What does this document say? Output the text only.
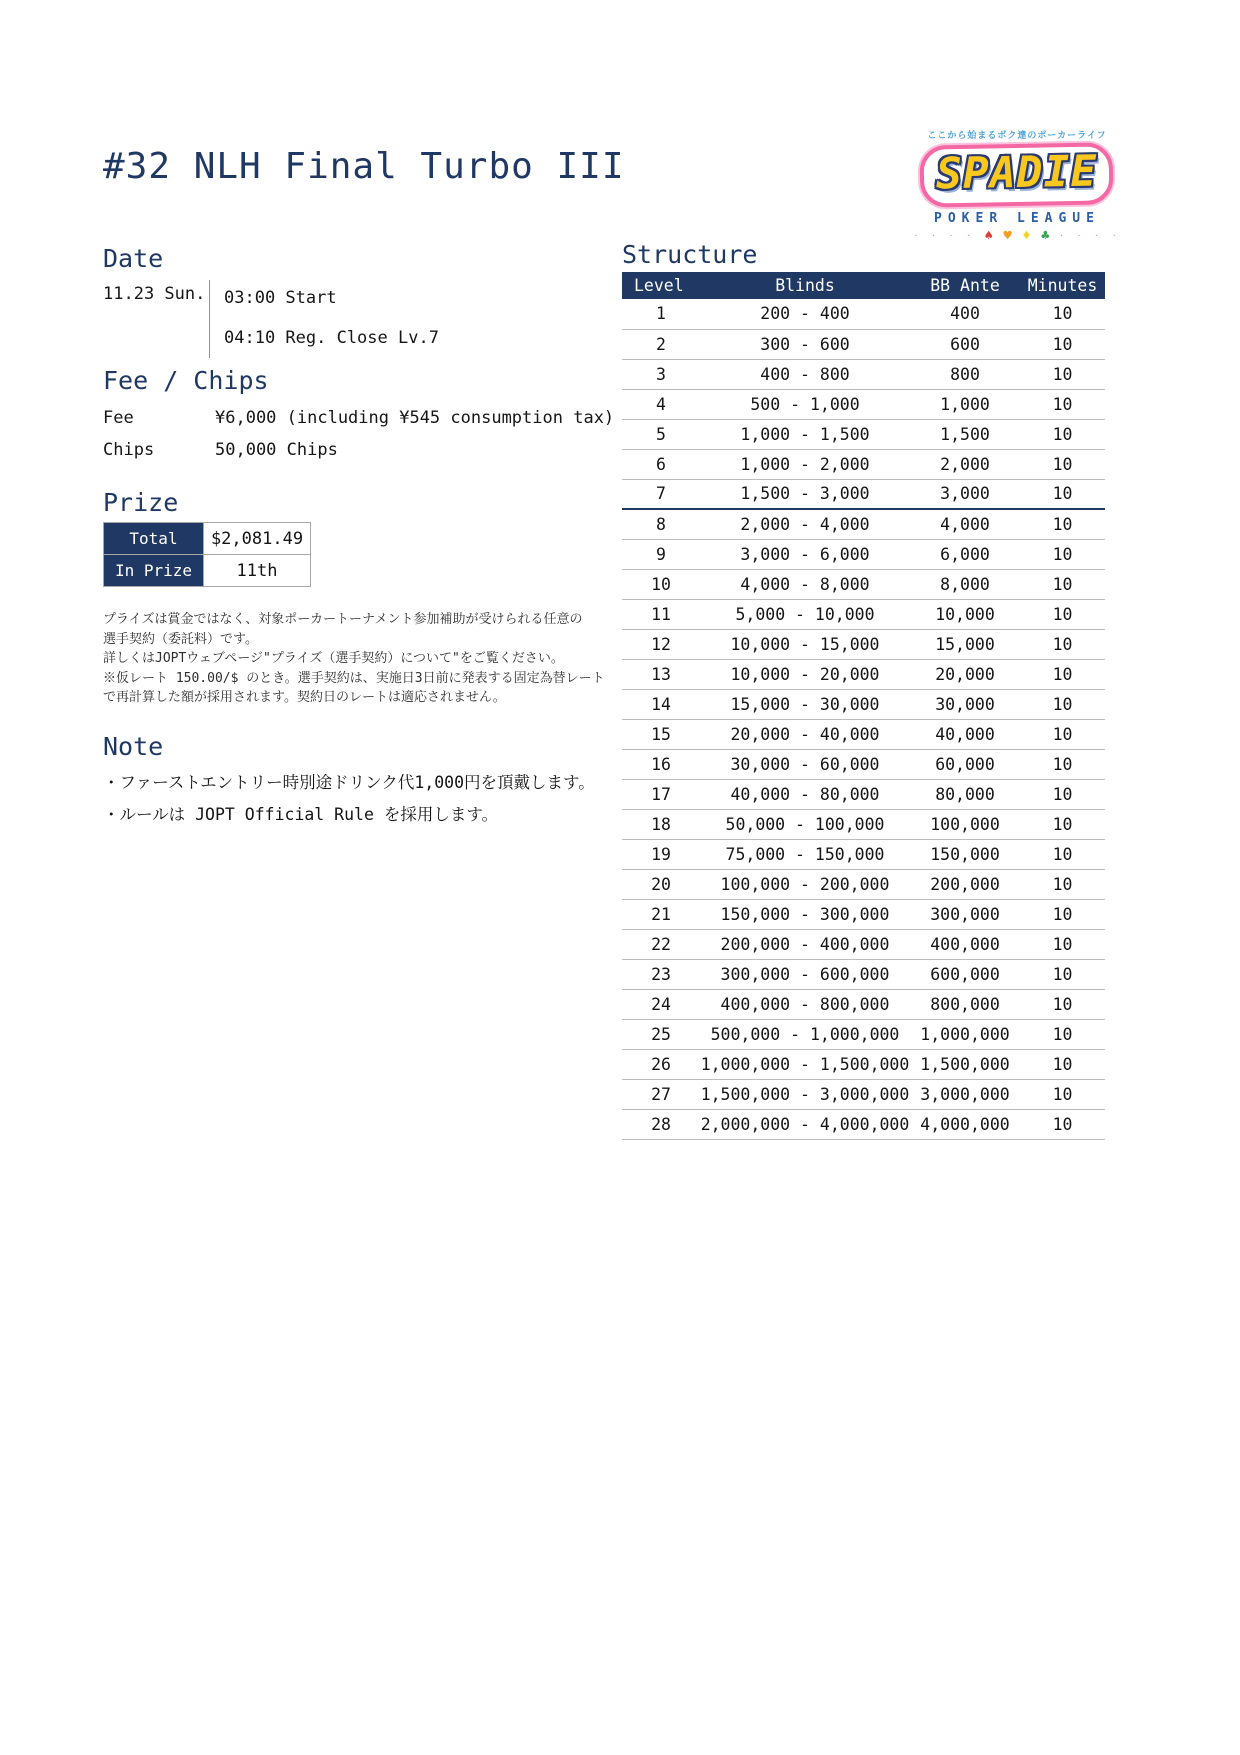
#32 NLH Final Turbo III
ここから始まるボク達のポーカーライフ
SPADIE
POKER LEAGUE
· · · · ♠ ♥ ♦ ♣ · · · ·
Date
11.23 Sun. 03:00 Start
04:10 Reg. Close Lv.7
Fee / Chips
Fee	¥6,000 (including ¥545 consumption tax)
Chips	50,000 Chips
Prize
Total	$2,081.49
In Prize	11th
プライズは賞金ではなく、対象ポーカートーナメント参加補助が受けられる任意の
選手契約（委託料）です。
詳しくはJOPTウェブページ"プライズ（選手契約）について"をご覧ください。
※仮レート 150.00/$ のとき。選手契約は、実施日3日前に発表する固定為替レート
で再計算した額が採用されます。契約日のレートは適応されません。
Note
・ファーストエントリー時別途ドリンク代1,000円を頂戴します。
・ルールは JOPT Official Rule を採用します。
Structure
Level	Blinds	BB Ante	Minutes
1	200 - 400	400	10
2	300 - 600	600	10
3	400 - 800	800	10
4	500 - 1,000	1,000	10
5	1,000 - 1,500	1,500	10
6	1,000 - 2,000	2,000	10
7	1,500 - 3,000	3,000	10
8	2,000 - 4,000	4,000	10
9	3,000 - 6,000	6,000	10
10	4,000 - 8,000	8,000	10
11	5,000 - 10,000	10,000	10
12	10,000 - 15,000	15,000	10
13	10,000 - 20,000	20,000	10
14	15,000 - 30,000	30,000	10
15	20,000 - 40,000	40,000	10
16	30,000 - 60,000	60,000	10
17	40,000 - 80,000	80,000	10
18	50,000 - 100,000	100,000	10
19	75,000 - 150,000	150,000	10
20	100,000 - 200,000	200,000	10
21	150,000 - 300,000	300,000	10
22	200,000 - 400,000	400,000	10
23	300,000 - 600,000	600,000	10
24	400,000 - 800,000	800,000	10
25	500,000 - 1,000,000	1,000,000	10
26	1,000,000 - 1,500,000	1,500,000	10
27	1,500,000 - 3,000,000	3,000,000	10
28	2,000,000 - 4,000,000	4,000,000	10
